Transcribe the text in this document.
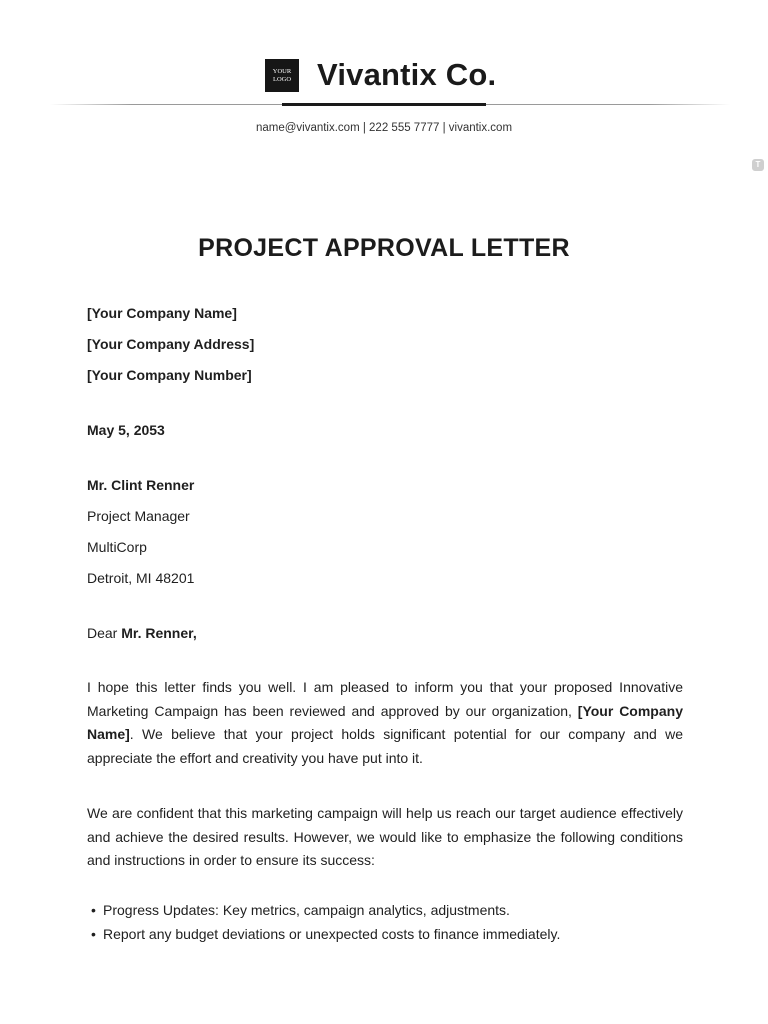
YOUR LOGO Vivantix Co.
name@vivantix.com | 222 555 7777 | vivantix.com
T
PROJECT APPROVAL LETTER
[Your Company Name]
[Your Company Address]
[Your Company Number]
May 5, 2053
Mr. Clint Renner
Project Manager
MultiCorp
Detroit, MI 48201
Dear Mr. Renner,
I hope this letter finds you well. I am pleased to inform you that your proposed Innovative Marketing Campaign has been reviewed and approved by our organization, [Your Company Name]. We believe that your project holds significant potential for our company and we appreciate the effort and creativity you have put into it.
We are confident that this marketing campaign will help us reach our target audience effectively and achieve the desired results. However, we would like to emphasize the following conditions and instructions in order to ensure its success:
• Progress Updates: Key metrics, campaign analytics, adjustments.
• Report any budget deviations or unexpected costs to finance immediately.
